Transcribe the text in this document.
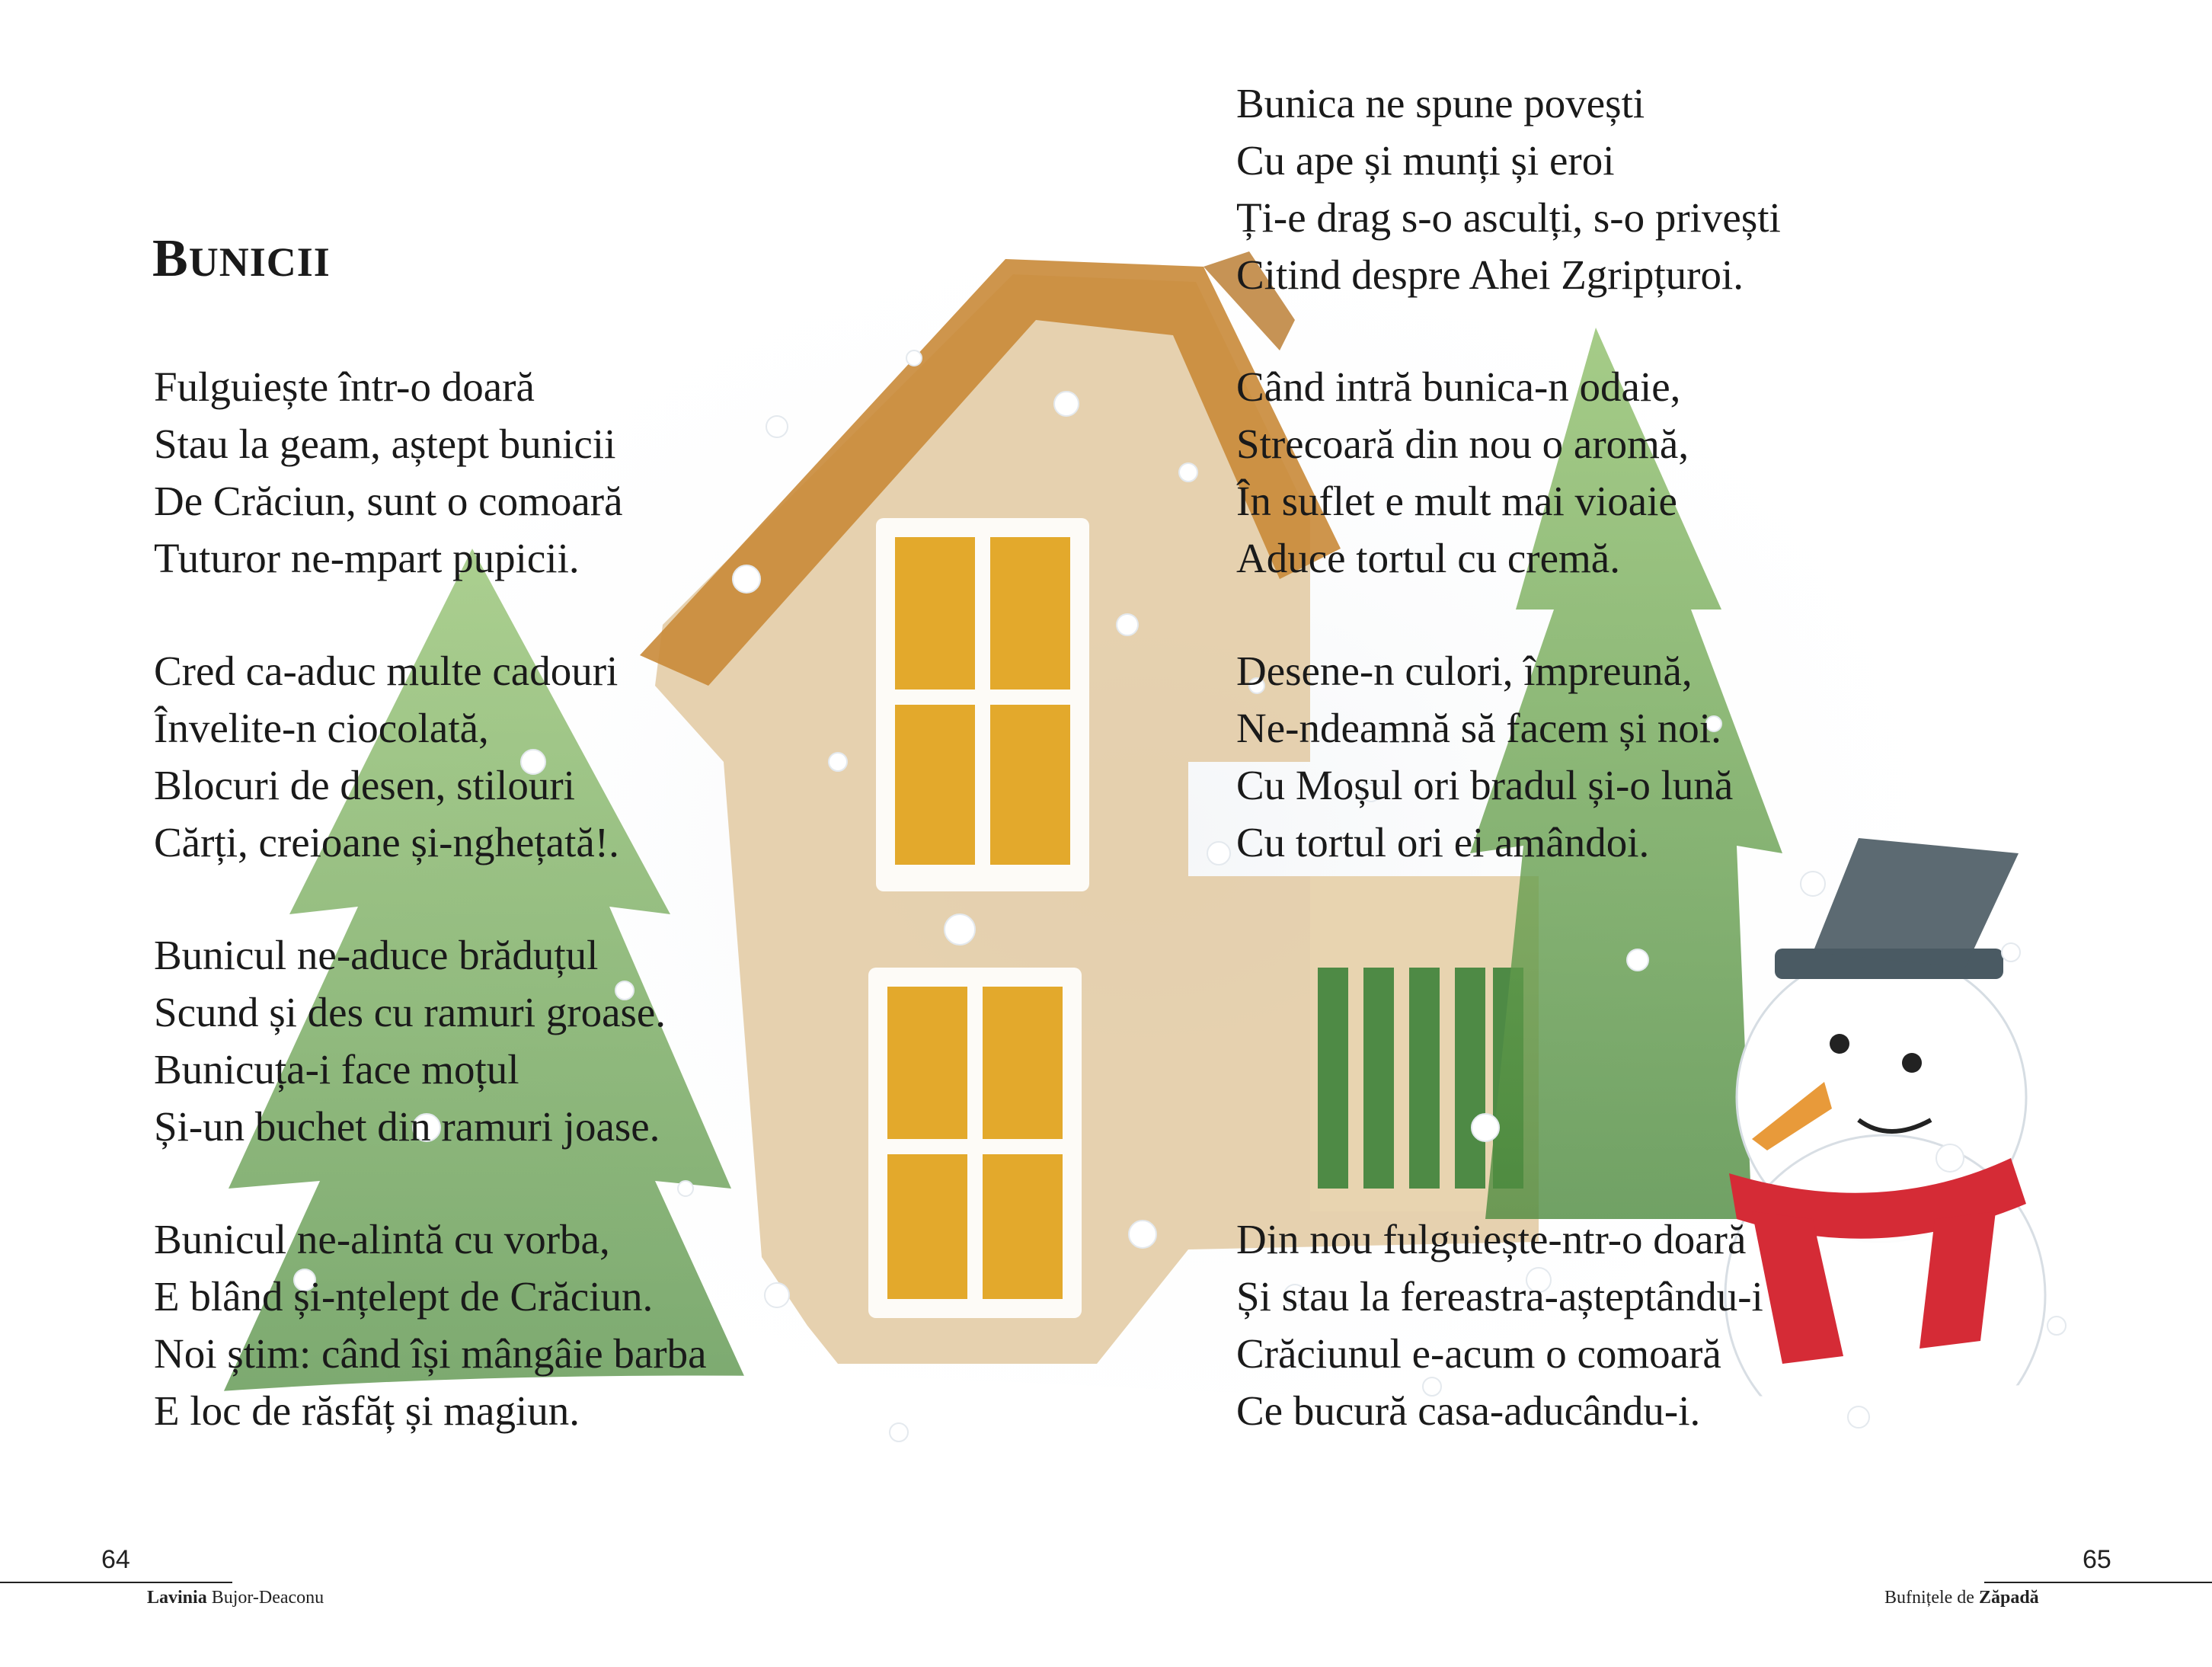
BUNICII
Fulguiește într-o doară
Stau la geam, aștept bunicii
De Crăciun, sunt o comoară
Tuturor ne-mpart pupicii.
Cred ca-aduc multe cadouri
Învelite-n ciocolată,
Blocuri de desen, stilouri
Cărți, creioane și-nghețată!.
Bunicul ne-aduce brăduțul
Scund și des cu ramuri groase.
Bunicuța-i face moțul
Și-un buchet din ramuri joase.
Bunicul ne-alintă cu vorba,
E blând și-nțelept de Crăciun.
Noi știm: când își mângâie barba
E loc de răsfăț și magiun.
Bunica ne spune povești
Cu ape și munți și eroi
Ți-e drag s-o asculți, s-o privești
Citind despre Ahei Zgripțuroi.
Când intră bunica-n odaie,
Strecoară din nou o aromă,
În suflet e mult mai vioaie
Aduce tortul cu cremă.
Desene-n culori, împreună,
Ne-ndeamnă să facem și noi.
Cu Moșul ori bradul și-o lună
Cu tortul ori ei amândoi.
Din nou fulguiește-ntr-o doară
Și stau la fereastra-așteptându-i
Crăciunul e-acum o comoară
Ce bucură casa-aducându-i.
64
Lavinia Bujor-Deaconu
65
Bufnițele de Zăpadă
